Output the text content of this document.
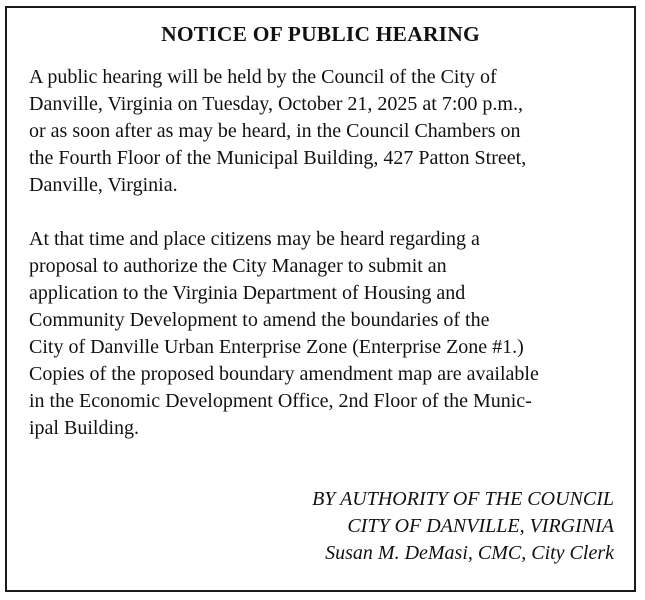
NOTICE OF PUBLIC HEARING

A public hearing will be held by the Council of the City of
Danville, Virginia on Tuesday, October 21, 2025 at 7:00 p.m.,
or as soon after as may be heard, in the Council Chambers on
the Fourth Floor of the Municipal Building, 427 Patton Street,
Danville, Virginia.

At that time and place citizens may be heard regarding a
proposal to authorize the City Manager to submit an
application to the Virginia Department of Housing and
Community Development to amend the boundaries of the
City of Danville Urban Enterprise Zone (Enterprise Zone #1.)
Copies of the proposed boundary amendment map are available
in the Economic Development Office, 2nd Floor of the Munic-
ipal Building.

BY AUTHORITY OF THE COUNCIL
CITY OF DANVILLE, VIRGINIA
Susan M. DeMasi, CMC, City Clerk
